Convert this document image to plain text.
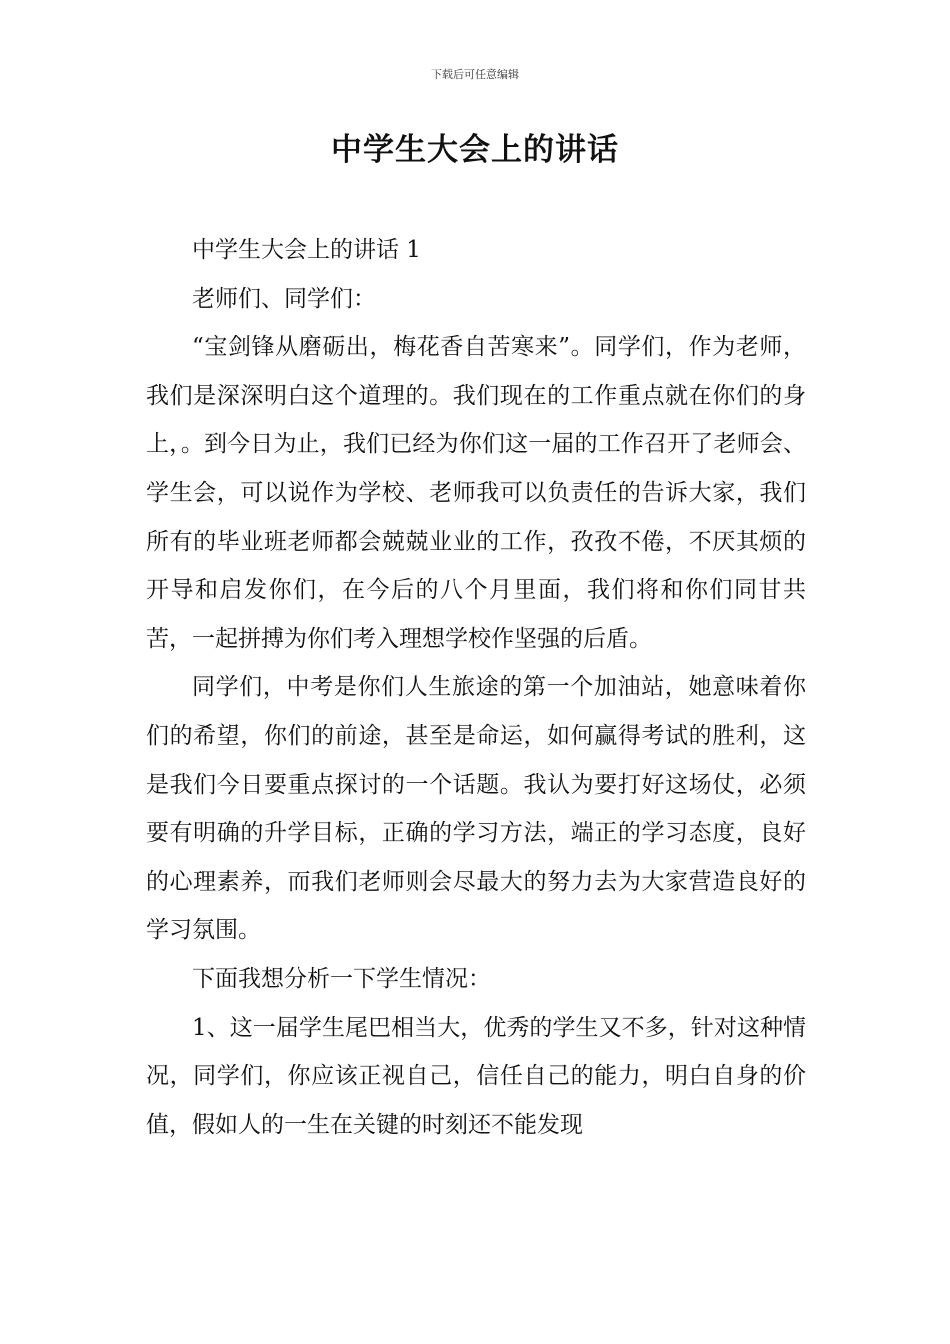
下载后可任意编辑
中学生大会上的讲话

中学生大会上的讲话 1

老师们、同学们：

“宝剑锋从磨砺出，梅花香自苦寒来”。同学们，作为老师，我们是深深明白这个道理的。我们现在的工作重点就在你们的身上，。到今日为止，我们已经为你们这一届的工作召开了老师会、学生会，可以说作为学校、老师我可以负责任的告诉大家，我们所有的毕业班老师都会兢兢业业的工作，孜孜不倦，不厌其烦的开导和启发你们，在今后的八个月里面，我们将和你们同甘共苦，一起拼搏为你们考入理想学校作坚强的后盾。

同学们，中考是你们人生旅途的第一个加油站，她意味着你们的希望，你们的前途，甚至是命运，如何赢得考试的胜利，这是我们今日要重点探讨的一个话题。我认为要打好这场仗，必须要有明确的升学目标，正确的学习方法，端正的学习态度，良好的心理素养，而我们老师则会尽最大的努力去为大家营造良好的学习氛围。

下面我想分析一下学生情况：

1、这一届学生尾巴相当大，优秀的学生又不多，针对这种情况，同学们，你应该正视自己，信任自己的能力，明白自身的价值，假如人的一生在关键的时刻还不能发现
